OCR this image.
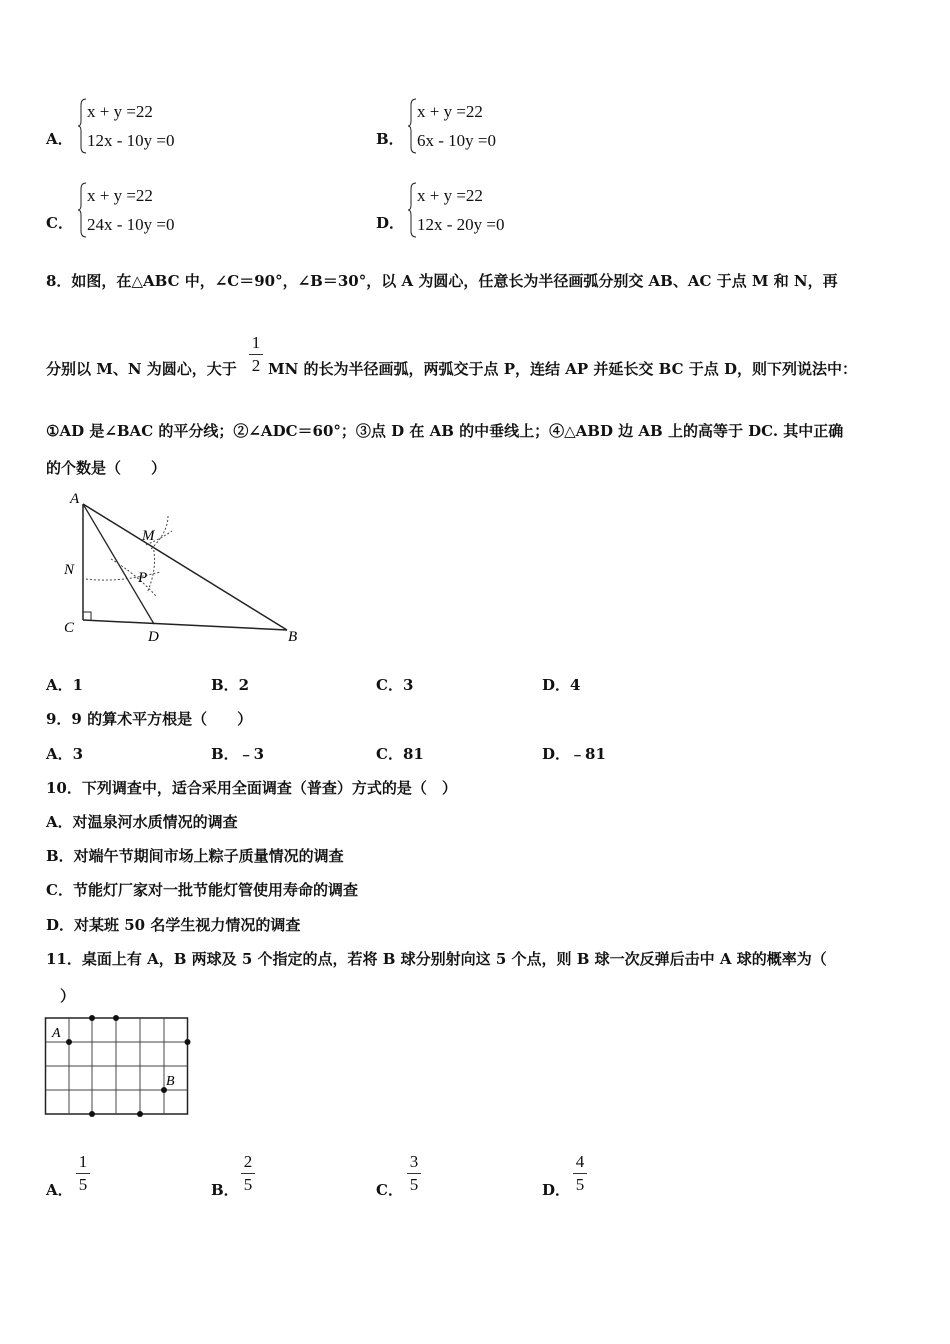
A．
x + y =22
12x - 10y =0	B．
x + y =22
6x - 10y =0
C．
x + y =22
24x - 10y =0	D．
x + y =22
12x - 20y =0
8．如图，在△ABC 中，∠C＝90°，∠B＝30°，以 A 为圆心，任意长为半径画弧分别交 AB、AC 于点 M 和 N，再
分别以 M、N 为圆心，大于
1
2 MN 的长为半径画弧，两弧交于点 P，连结 AP 并延长交 BC 于点 D，则下列说法中：
①AD 是∠BAC 的平分线；②∠ADC＝60°；③点 D 在 AB 的中垂线上；④△ABD 边 AB 上的高等于 DC. 其中正确
的个数是（　　）
A
N
C
D	B
M
P
A．1	B．2	C．3	D．4
9．9 的算术平方根是（　　）
A．3	B．﹣3	C．81	D．﹣81
10．下列调查中，适合采用全面调查（普查）方式的是（　）
A．对温泉河水质情况的调查
B．对端午节期间市场上粽子质量情况的调查
C．节能灯厂家对一批节能灯管使用寿命的调查
D．对某班 50 名学生视力情况的调查
11．桌面上有 A，B 两球及 5 个指定的点，若将 B 球分别射向这 5 个点，则 B 球一次反弹后击中 A 球的概率为（
）
A
B
A．
1
5	B．
2
5	C．
3
5	D．
4
5
